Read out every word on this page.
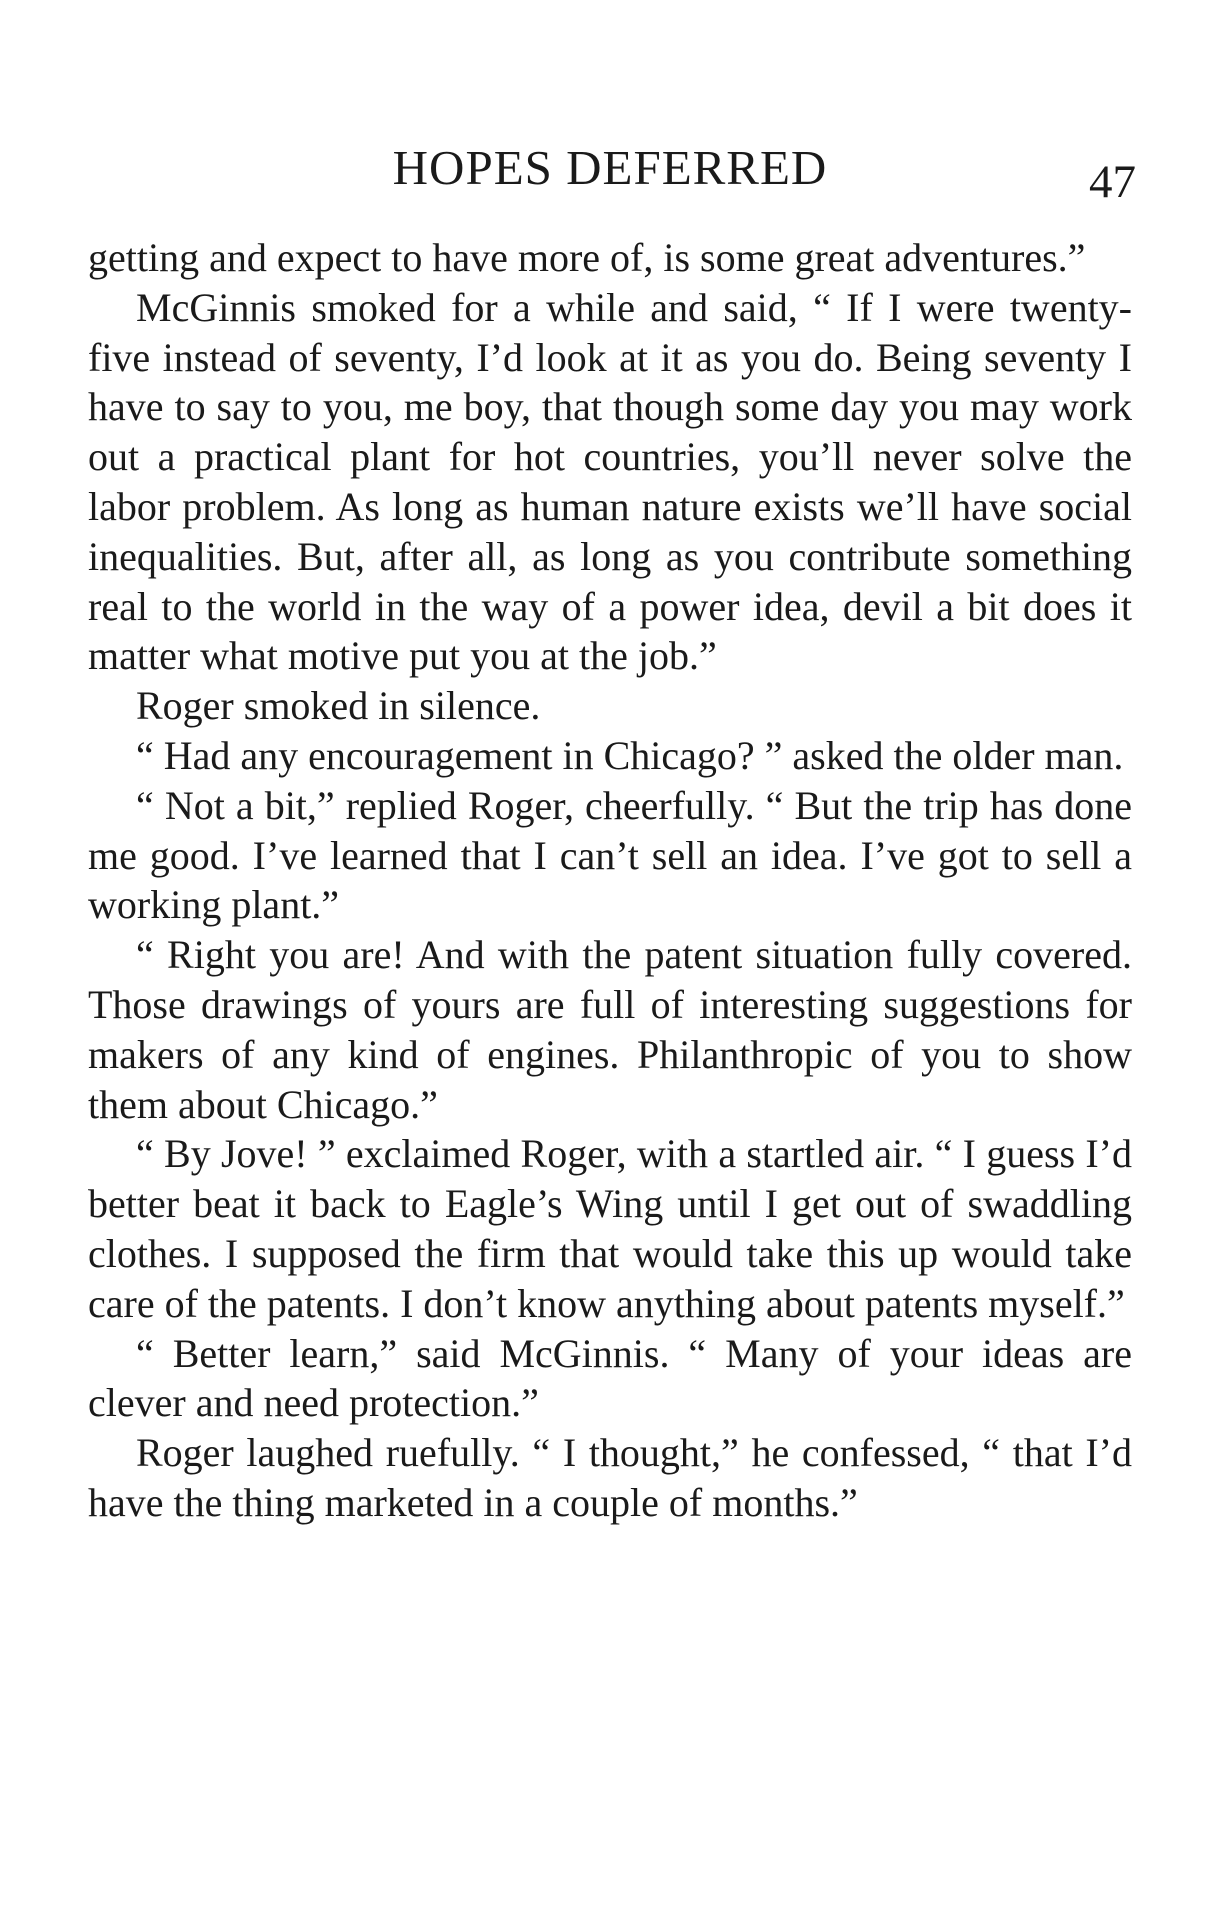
HOPES DEFERRED	47

getting and expect to have more of, is some great adventures.”

McGinnis smoked for a while and said, “ If I were twenty-five instead of seventy, I’d look at it as you do. Being seventy I have to say to you, me boy, that though some day you may work out a practical plant for hot countries, you’ll never solve the labor problem. As long as human nature exists we’ll have social inequalities. But, after all, as long as you contribute something real to the world in the way of a power idea, devil a bit does it matter what motive put you at the job.”

Roger smoked in silence.

“ Had any encouragement in Chicago? ” asked the older man.

“ Not a bit,” replied Roger, cheerfully. “ But the trip has done me good. I’ve learned that I can’t sell an idea. I’ve got to sell a working plant.”

“ Right you are! And with the patent situation fully covered. Those drawings of yours are full of interesting suggestions for makers of any kind of engines. Philanthropic of you to show them about Chicago.”

“ By Jove! ” exclaimed Roger, with a startled air. “ I guess I’d better beat it back to Eagle’s Wing until I get out of swaddling clothes. I supposed the firm that would take this up would take care of the patents. I don’t know anything about patents myself.”

“ Better learn,” said McGinnis. “ Many of your ideas are clever and need protection.”

Roger laughed ruefully. “ I thought,” he confessed, “ that I’d have the thing marketed in a couple of months.”
